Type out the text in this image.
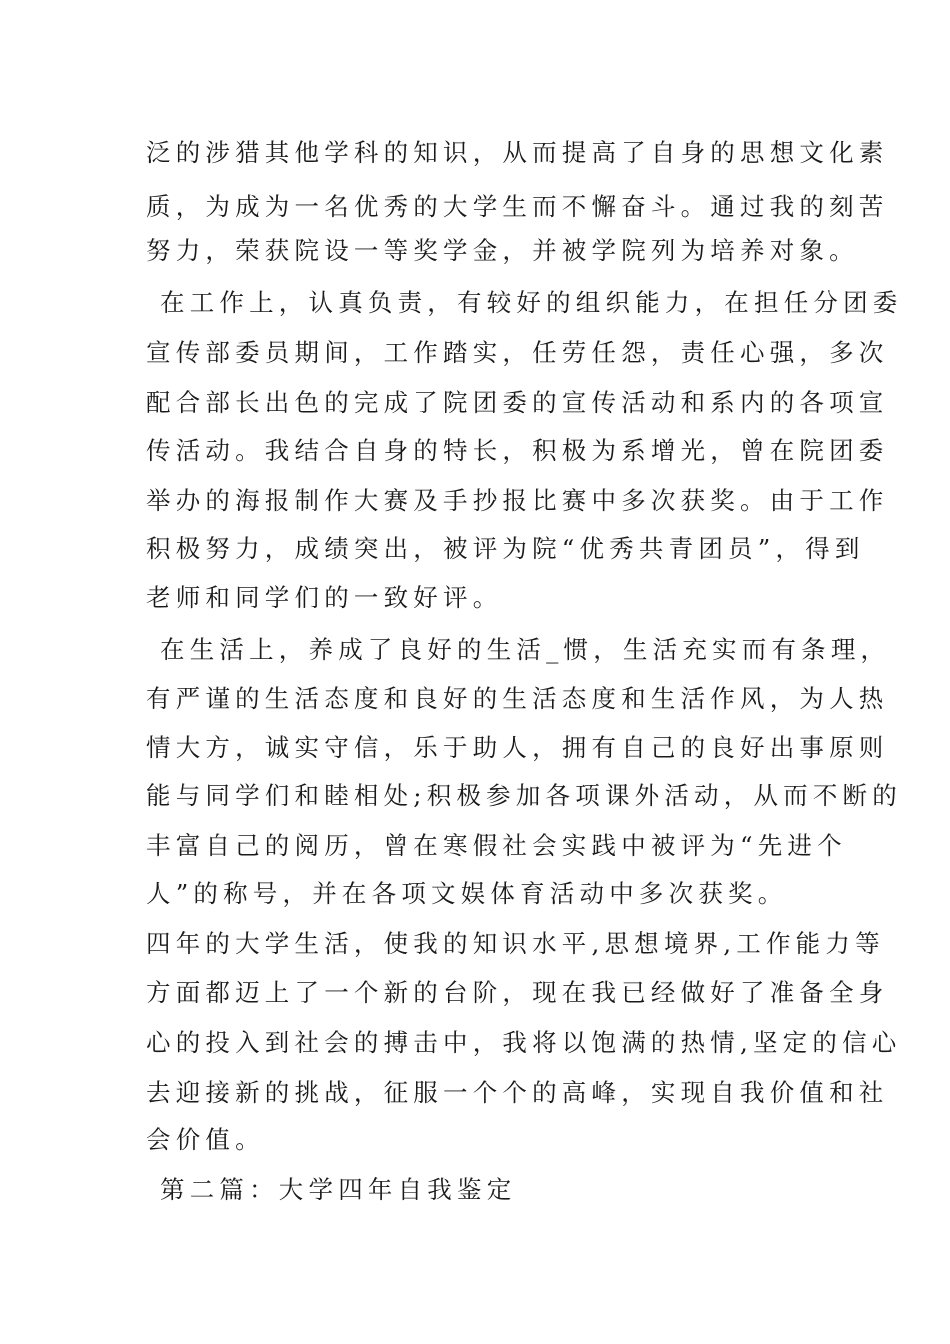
泛的涉猎其他学科的知识，从而提高了自身的思想文化素
质，为成为一名优秀的大学生而不懈奋斗。通过我的刻苦
努力，荣获院设一等奖学金，并被学院列为培养对象。
在工作上，认真负责，有较好的组织能力，在担任分团委
宣传部委员期间，工作踏实，任劳任怨，责任心强，多次
配合部长出色的完成了院团委的宣传活动和系内的各项宣
传活动。我结合自身的特长，积极为系增光，曾在院团委
举办的海报制作大赛及手抄报比赛中多次获奖。由于工作
积极努力，成绩突出，被评为院“优秀共青团员”，得到
老师和同学们的一致好评。
在生活上，养成了良好的生活_惯，生活充实而有条理，
有严谨的生活态度和良好的生活态度和生活作风，为人热
情大方，诚实守信，乐于助人，拥有自己的良好出事原则
能与同学们和睦相处;积极参加各项课外活动，从而不断的
丰富自己的阅历，曾在寒假社会实践中被评为“先进个
人”的称号，并在各项文娱体育活动中多次获奖。
四年的大学生活，使我的知识水平,思想境界,工作能力等
方面都迈上了一个新的台阶，现在我已经做好了准备全身
心的投入到社会的搏击中，我将以饱满的热情,坚定的信心
去迎接新的挑战，征服一个个的高峰，实现自我价值和社
会价值。
第二篇：大学四年自我鉴定
